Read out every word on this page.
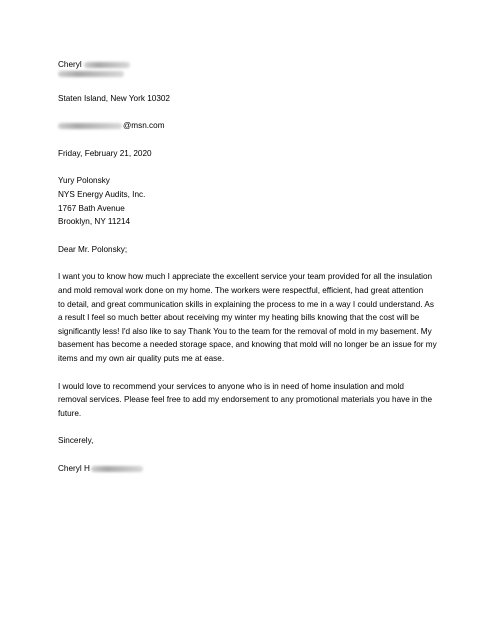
Cheryl
Staten Island, New York 10302
@msn.com
Friday, February 21, 2020
Yury Polonsky
NYS Energy Audits, Inc.
1767 Bath Avenue
Brooklyn, NY 11214
Dear Mr. Polonsky;
I want you to know how much I appreciate the excellent service your team provided for all the insulation
and mold removal work done on my home. The workers were respectful, efficient, had great attention
to detail, and great communication skills in explaining the process to me in a way I could understand. As
a result I feel so much better about receiving my winter my heating bills knowing that the cost will be
significantly less! I'd also like to say Thank You to the team for the removal of mold in my basement. My
basement has become a needed storage space, and knowing that mold will no longer be an issue for my
items and my own air quality puts me at ease.
I would love to recommend your services to anyone who is in need of home insulation and mold
removal services. Please feel free to add my endorsement to any promotional materials you have in the
future.
Sincerely,
Cheryl
H
